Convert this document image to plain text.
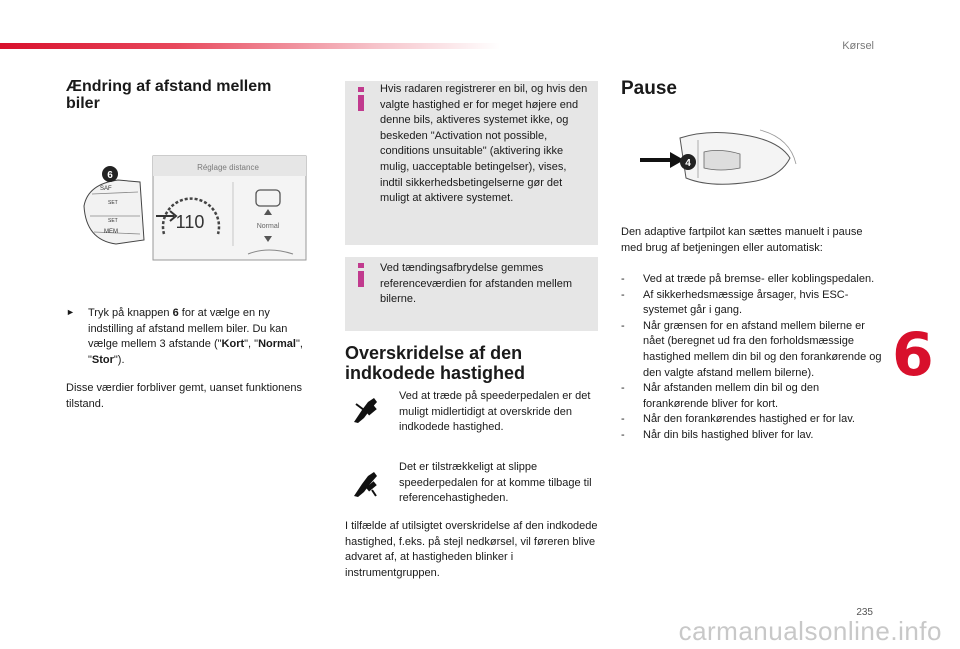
Kørsel
6
235
carmanualsonline.info
Ændring af afstand mellem biler
SAF
SET
SET
MEM
6
Réglage distance
110	Normal
► Tryk på knappen 6 for at vælge en ny indstilling af afstand mellem biler. Du kan vælge mellem 3 afstande ("Kort", "Normal", "Stor").

Disse værdier forbliver gemt, uanset funktionens tilstand.

Hvis radaren registrerer en bil, og hvis den valgte hastighed er for meget højere end denne bils, aktiveres systemet ikke, og beskeden "Activation not possible, conditions unsuitable" (aktivering ikke mulig, uacceptable betingelser), vises, indtil sikkerhedsbetingelserne gør det muligt at aktivere systemet.

Ved tændingsafbrydelse gemmes referenceværdien for afstanden mellem bilerne.

Overskridelse af den indkodede hastighed

Ved at træde på speederpedalen er det muligt midlertidigt at overskride den indkodede hastighed.

Det er tilstrækkeligt at slippe speederpedalen for at komme tilbage til referencehastigheden.

I tilfælde af utilsigtet overskridelse af den indkodede hastighed, f.eks. på stejl nedkørsel, vil føreren blive advaret af, at hastigheden blinker i instrumentgruppen.

Pause
4

Den adaptive fartpilot kan sættes manuelt i pause med brug af betjeningen eller automatisk:

- Ved at træde på bremse- eller koblingspedalen.
- Af sikkerhedsmæssige årsager, hvis ESC-systemet går i gang.
- Når grænsen for en afstand mellem bilerne er nået (beregnet ud fra den forholdsmæssige hastighed mellem din bil og den forankørende og den valgte afstand mellem bilerne).
- Når afstanden mellem din bil og den forankørende bliver for kort.
- Når den forankørendes hastighed er for lav.
- Når din bils hastighed bliver for lav.
